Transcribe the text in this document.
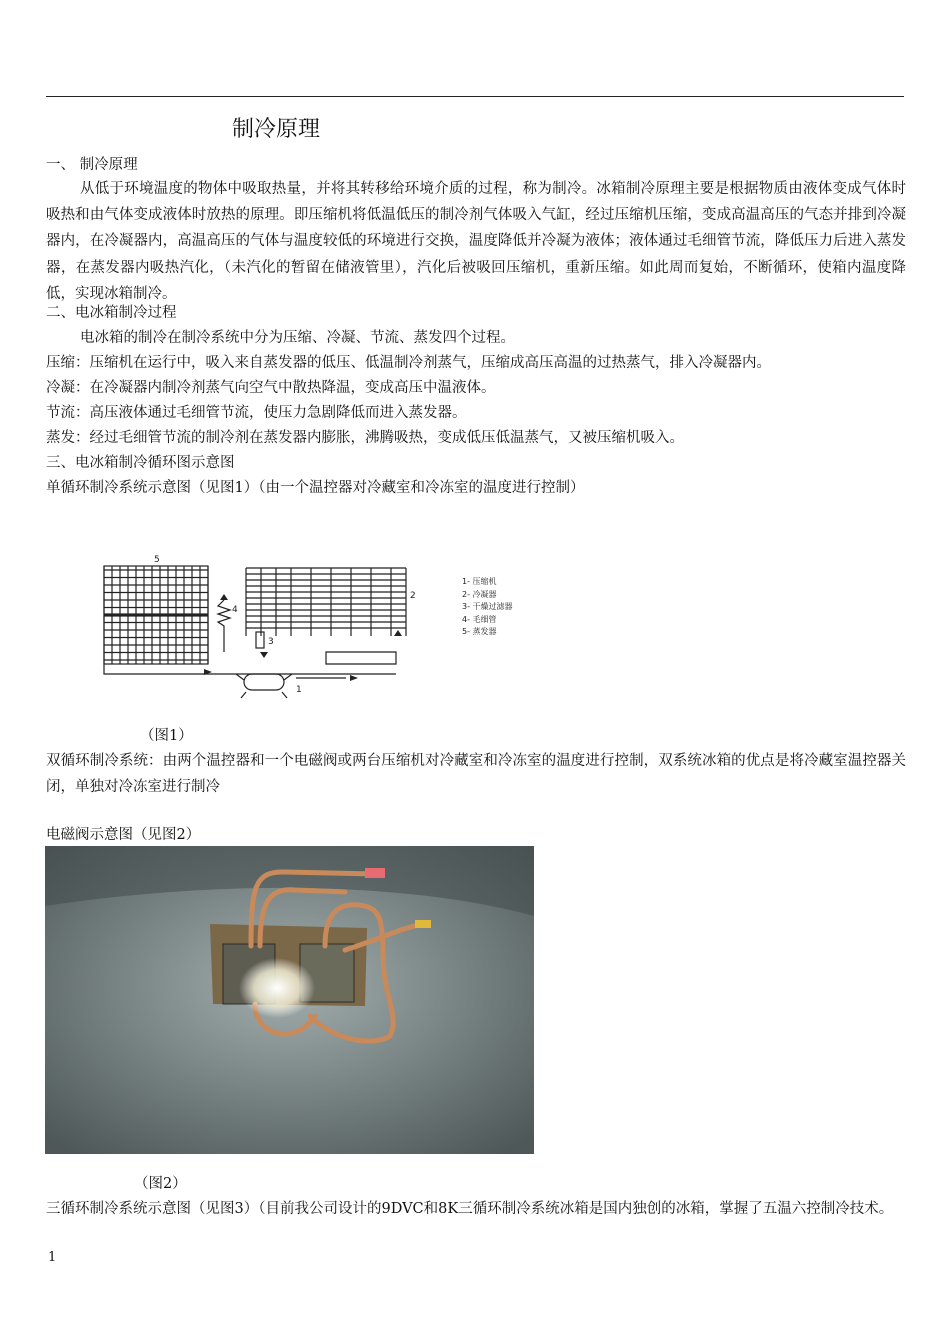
制冷原理
一、 制冷原理
从低于环境温度的物体中吸取热量，并将其转移给环境介质的过程，称为制冷。冰箱制冷原理主要是根据物质由液体变成气体时吸热和由气体变成液体时放热的原理。即压缩机将低温低压的制冷剂气体吸入气缸，经过压缩机压缩，变成高温高压的气态并排到冷凝器内，在冷凝器内，高温高压的气体与温度较低的环境进行交换，温度降低并冷凝为液体；液体通过毛细管节流，降低压力后进入蒸发器，在蒸发器内吸热汽化，（未汽化的暂留在储液管里），汽化后被吸回压缩机，重新压缩。如此周而复始，不断循环，使箱内温度降低，实现冰箱制冷。
二、电冰箱制冷过程
电冰箱的制冷在制冷系统中分为压缩、冷凝、节流、蒸发四个过程。
压缩：压缩机在运行中，吸入来自蒸发器的低压、低温制冷剂蒸气，压缩成高压高温的过热蒸气，排入冷凝器内。
冷凝：在冷凝器内制冷剂蒸气向空气中散热降温，变成高压中温液体。
节流：高压液体通过毛细管节流，使压力急剧降低而进入蒸发器。
蒸发：经过毛细管节流的制冷剂在蒸发器内膨胀，沸腾吸热，变成低压低温蒸气，又被压缩机吸入。
三、电冰箱制冷循环图示意图
单循环制冷系统示意图（见图1）（由一个温控器对冷藏室和冷冻室的温度进行控制）
5
2
4
3
1
1- 压缩机
2- 冷凝器
3- 干燥过滤器
4- 毛细管
5- 蒸发器
（图1）
双循环制冷系统：由两个温控器和一个电磁阀或两台压缩机对冷藏室和冷冻室的温度进行控制，双系统冰箱的优点是将冷藏室温控器关闭，单独对冷冻室进行制冷
电磁阀示意图（见图2）
（图2）
三循环制冷系统示意图（见图3）（目前我公司设计的9DVC和8K三循环制冷系统冰箱是国内独创的冰箱，掌握了五温六控制冷技术。
1
